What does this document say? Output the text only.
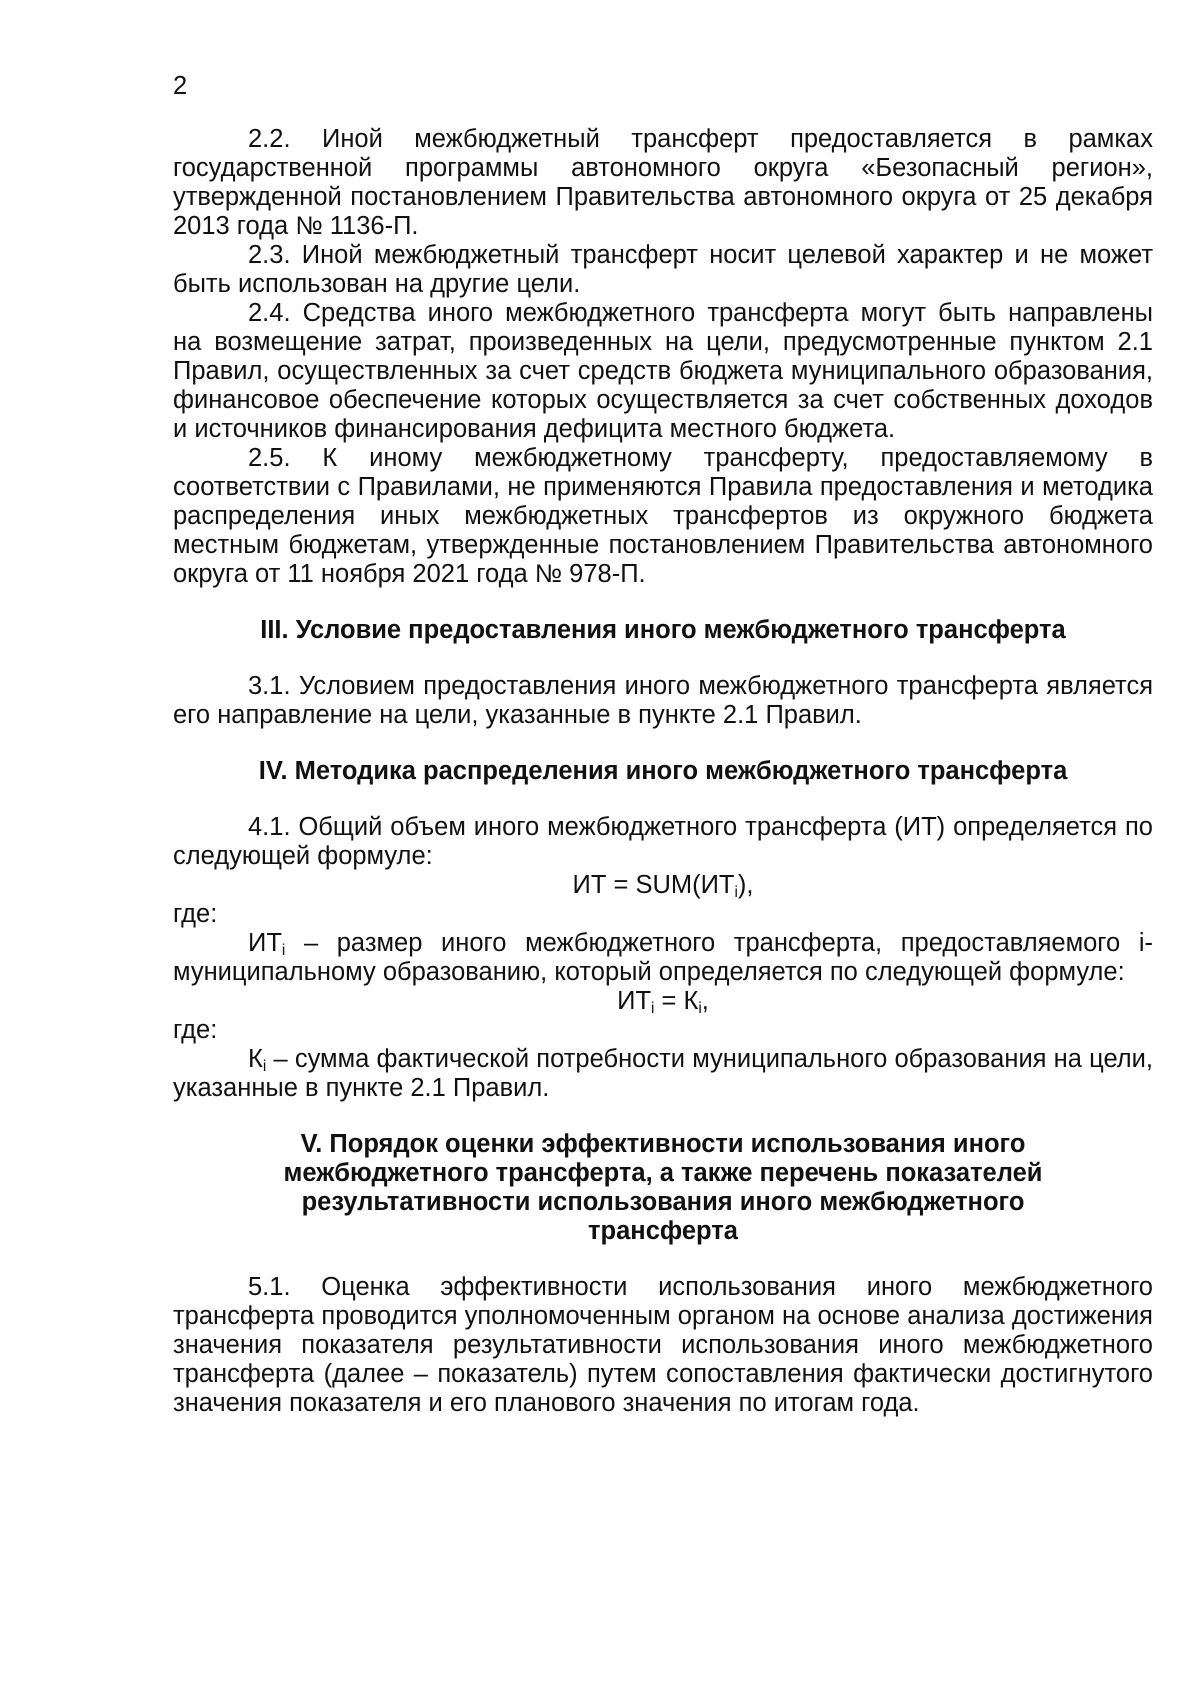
2

2.2. Иной межбюджетный трансферт предоставляется в рамках государственной программы автономного округа «Безопасный регион», утвержденной постановлением Правительства автономного округа от 25 декабря 2013 года № 1136-П.

2.3. Иной межбюджетный трансферт носит целевой характер и не может быть использован на другие цели.

2.4. Средства иного межбюджетного трансферта могут быть направлены на возмещение затрат, произведенных на цели, предусмотренные пунктом 2.1 Правил, осуществленных за счет средств бюджета муниципального образования, финансовое обеспечение которых осуществляется за счет собственных доходов и источников финансирования дефицита местного бюджета.

2.5. К иному межбюджетному трансферту, предоставляемому в соответствии с Правилами, не применяются Правила предоставления и методика распределения иных межбюджетных трансфертов из окружного бюджета местным бюджетам, утвержденные постановлением Правительства автономного округа от 11 ноября 2021 года № 978-П.

III. Условие предоставления иного межбюджетного трансферта

3.1. Условием предоставления иного межбюджетного трансферта является его направление на цели, указанные в пункте 2.1 Правил.

IV. Методика распределения иного межбюджетного трансферта

4.1. Общий объем иного межбюджетного трансферта (ИТ) определяется по следующей формуле:

ИТ = $SUM(ИТ_i)$,

где:

$ИТ_i$ – размер иного межбюджетного трансферта, предоставляемого i-муниципальному образованию, который определяется по следующей формуле:

$ИТ_i = К_i$,

где:

$К_i$ – сумма фактической потребности муниципального образования на цели, указанные в пункте 2.1 Правил.

V. Порядок оценки эффективности использования иного
межбюджетного трансферта, а также перечень показателей
результативности использования иного межбюджетного
трансферта

5.1. Оценка эффективности использования иного межбюджетного трансферта проводится уполномоченным органом на основе анализа достижения значения показателя результативности использования иного межбюджетного трансферта (далее – показатель) путем сопоставления фактически достигнутого значения показателя и его планового значения по итогам года.
